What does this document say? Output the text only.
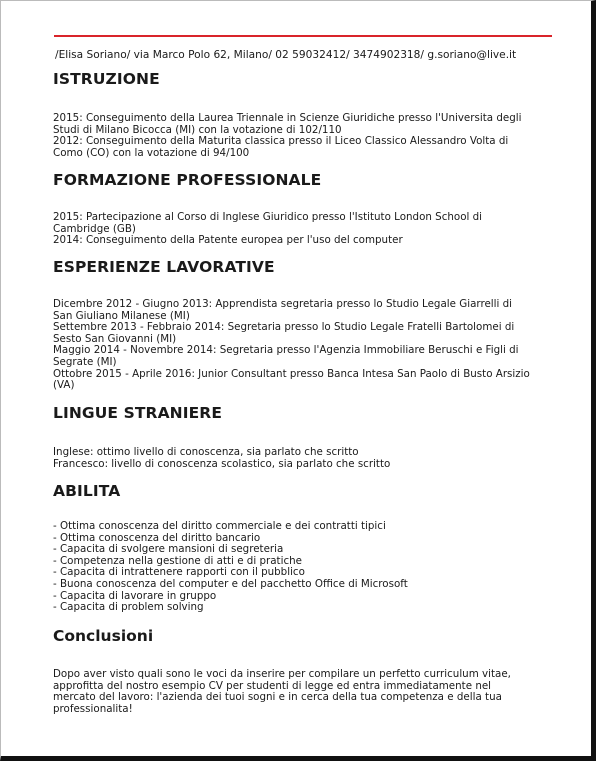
/Elisa Soriano/ via Marco Polo 62, Milano/ 02 59032412/ 3474902318/ g.soriano@live.it
ISTRUZIONE

2015: Conseguimento della Laurea Triennale in Scienze Giuridiche presso l'Universita degli Studi di Milano Bicocca (MI) con la votazione di 102/110

2012: Conseguimento della Maturita classica presso il Liceo Classico Alessandro Volta di Como (CO) con la votazione di 94/100

FORMAZIONE PROFESSIONALE

2015: Partecipazione al Corso di Inglese Giuridico presso l'Istituto London School di Cambridge (GB)

2014: Conseguimento della Patente europea per l'uso del computer

ESPERIENZE LAVORATIVE

Dicembre 2012 - Giugno 2013: Apprendista segretaria presso lo Studio Legale Giarrelli di San Giuliano Milanese (MI)

Settembre 2013 - Febbraio 2014: Segretaria presso lo Studio Legale Fratelli Bartolomei di Sesto San Giovanni (MI)

Maggio 2014 - Novembre 2014: Segretaria presso l'Agenzia Immobiliare Beruschi e Figli di Segrate (MI)

Ottobre 2015 - Aprile 2016: Junior Consultant presso Banca Intesa San Paolo di Busto Arsizio (VA)

LINGUE STRANIERE

Inglese: ottimo livello di conoscenza, sia parlato che scritto

Francesco: livello di conoscenza scolastico, sia parlato che scritto

ABILITA

- Ottima conoscenza del diritto commerciale e dei contratti tipici

- Ottima conoscenza del diritto bancario

- Capacita di svolgere mansioni di segreteria

- Competenza nella gestione di atti e di pratiche

- Capacita di intrattenere rapporti con il pubblico

- Buona conoscenza del computer e del pacchetto Office di Microsoft

- Capacita di lavorare in gruppo

- Capacita di problem solving

Conclusioni

Dopo aver visto quali sono le voci da inserire per compilare un perfetto curriculum vitae, approfitta del nostro esempio CV per studenti di legge ed entra immediatamente nel mercato del lavoro: l'azienda dei tuoi sogni e in cerca della tua competenza e della tua professionalita!
